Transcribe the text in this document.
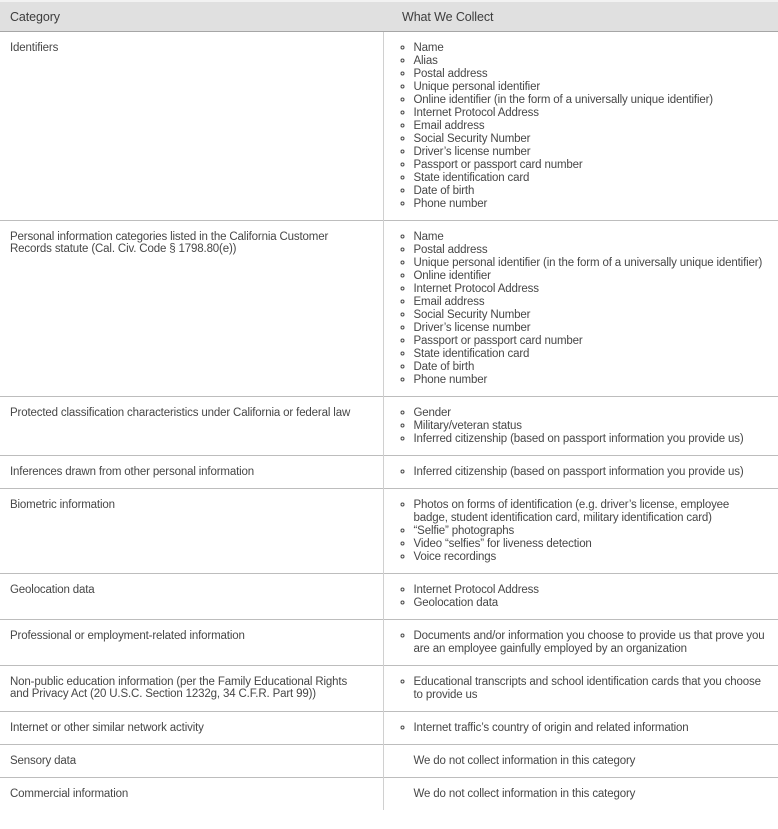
Category	What We Collect
Identifiers	
◦Name
◦ Alias
◦ Postal address
◦ Unique personal identifier
◦ Online identifier (in the form of a universally unique identifier)
◦ Internet Protocol Address
◦ Email address
◦ Social Security Number
◦ Driver’s license number
◦ Passport or passport card number
◦ State identification card
◦ Date of birth
◦ Phone number

Personal information categories listed in the California Customer Records statute (Cal. Civ. Code § 1798.80(e))	
◦ Name
◦ Postal address
◦ Unique personal identifier (in the form of a universally unique identifier)
◦ Online identifier
◦ Internet Protocol Address
◦ Email address
◦ Social Security Number
◦ Driver’s license number
◦ Passport or passport card number
◦ State identification card
◦ Date of birth
◦ Phone number

Protected classification characteristics under California or federal law	
◦Gender
◦ Military/veteran status
◦ Inferred citizenship (based on passport information you provide us)

Inferences drawn from other personal information	
◦Inferred citizenship (based on passport information you provide us)

Biometric information	
◦Photos on forms of identification (e.g. driver’s license, employee badge, student identification card, military identification card)
◦ “Selfie” photographs
◦ Video “selfies” for liveness detection
◦ Voice recordings

Geolocation data	
◦Internet Protocol Address
◦ Geolocation data

Professional or employment-related information	
◦Documents and/or information you choose to provide us that prove you are an employee gainfully employed by an organization

Non-public education information (per the Family Educational Rights and Privacy Act (20 U.S.C. Section 1232g, 34 C.F.R. Part 99))	
◦ Educational transcripts and school identification cards that you choose to provide us

Internet or other similar network activity	
◦Internet traffic’s country of origin and related information

Sensory data	We do not collect information in this category

Commercial information	We do not collect information in this category
